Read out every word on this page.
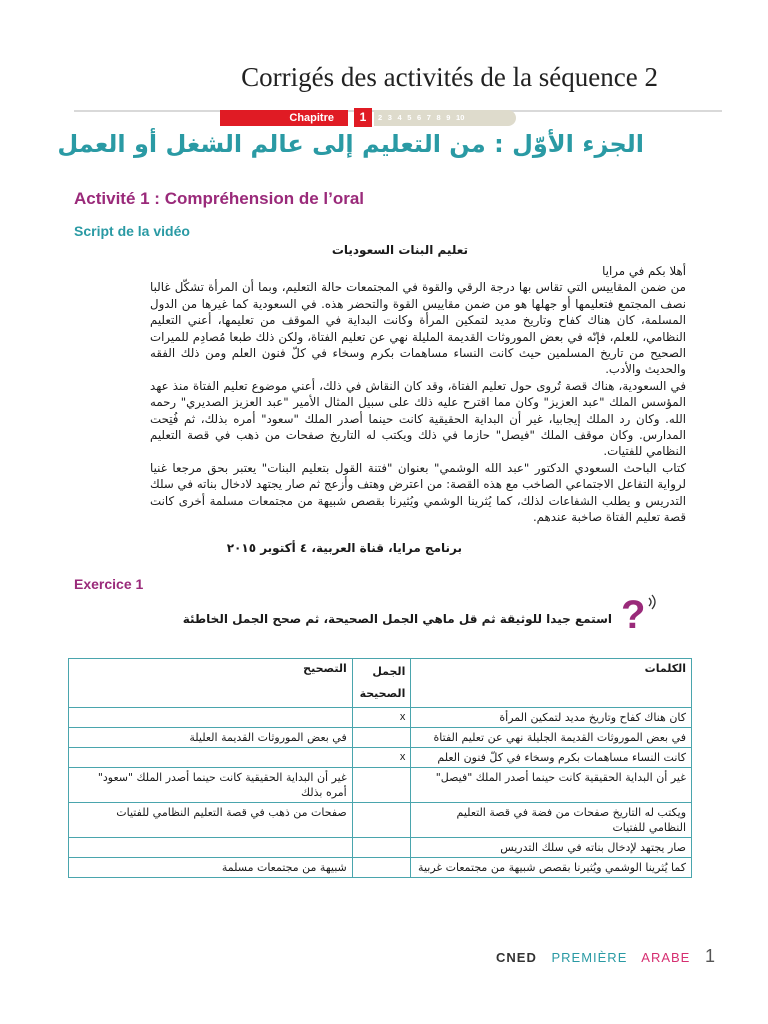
Corrigés des activités de la séquence 2
Chapitre	1	2 3 4 5 6 7 8 9 10
الجزء الأوّل : من التعليم إلى عالم الشغل أو العمل
Activité 1 : Compréhension de l’oral
Script de la vidéo
تعليم البنات السعوديات

أهلا بكم في مرايا

من ضمن المقاييس التي تقاس بها درجة الرقي والقوة في المجتمعات حالة التعليم، وبما أن المرأة تشكّل غالبا نصف المجتمع فتعليمها أو جهلها هو من ضمن مقاييس القوة والتحضر هذه. في السعودية كما غيرها من الدول المسلمة، كان هناك كفاح وتاريخ مديد لتمكين المرأة وكانت البداية في الموقف من تعليمها، أعني التعليم النظامي، للعلم، فإنّه في بعض الموروثات القديمة المليلة نهي عن تعليم الفتاة، ولكن ذلك طبعا مُصادِم للميرات الصحيح من تاريخ المسلمين حيث كانت النساء مساهمات بكرم وسخاء في كلّ فنون العلم ومن ذلك الفقه والحديث والأدب.

في السعودية، هناك قصة تُروى حول تعليم الفتاة، وقد كان النقاش في ذلك، أعني موضوع تعليم الفتاة منذ عهد المؤسس الملك "عبد العزيز" وكان مما اقترح عليه ذلك على سبيل المثال الأمير "عبد العزيز الصديري" رحمه الله. وكان رد الملك إيجابيا، غير أن البداية الحقيقية كانت حينما أصدر الملك "سعود" أمره بذلك، ثم فُتِحت المدارس. وكان موقف الملك "فيصل" حازما في ذلك ويكتب له التاريخ صفحات من ذهب في قصة التعليم النظامي للفتيات.

كتاب الباحث السعودي الدكتور "عبد الله الوشمي" بعنوان "فتنة القول بتعليم البنات" يعتبر بحق مرجعا غنيا لرواية التفاعل الاجتماعي الصاخب مع هذه القصة: من اعترض وهتف وأزعج ثم صار يجتهد لادخال بناته في سلك التدريس و يطلب الشفاعات لذلك، كما يُثرينا الوشمي ويُثيرنا بقصص شبيهة من مجتمعات مسلمة أخرى كانت قصة تعليم الفتاة صاخبة عندهم.

برنامج مرايا، قناة العربية، ٤ أكتوبر ٢٠١٥
Exercice 1
?
استمع جيدا للوثيقة ثم قل ماهي الجمل الصحيحة، ثم صحح الجمل الخاطئة
الكلمات	الجمل الصحيحة	التصحيح
كان هناك كفاح وتاريخ مديد لتمكين المرأة	x	
في بعض الموروثات القديمة الجليلة نهي عن تعليم الفتاة		في بعض الموروثات القديمة العليلة
كانت النساء مساهمات بكرم وسخاء في كلّ فنون العلم	x	
غير أن البداية الحقيقية كانت حينما أصدر الملك "فيصل"		غير أن البداية الحقيقية كانت حينما أصدر الملك "سعود" أمره بذلك
ويكتب له التاريخ صفحات من فضة في قصة التعليم النظامي للفتيات		صفحات من ذهب في قصة التعليم النظامي للفتيات
صار يجتهد لإدخال بناته في سلك التدريس		
كما يُثرينا الوشمي ويُثيرنا بقصص شبيهة من مجتمعات غربية		شبيهة من مجتمعات مسلمة
CNED PREMIÈRE ARABE 1
